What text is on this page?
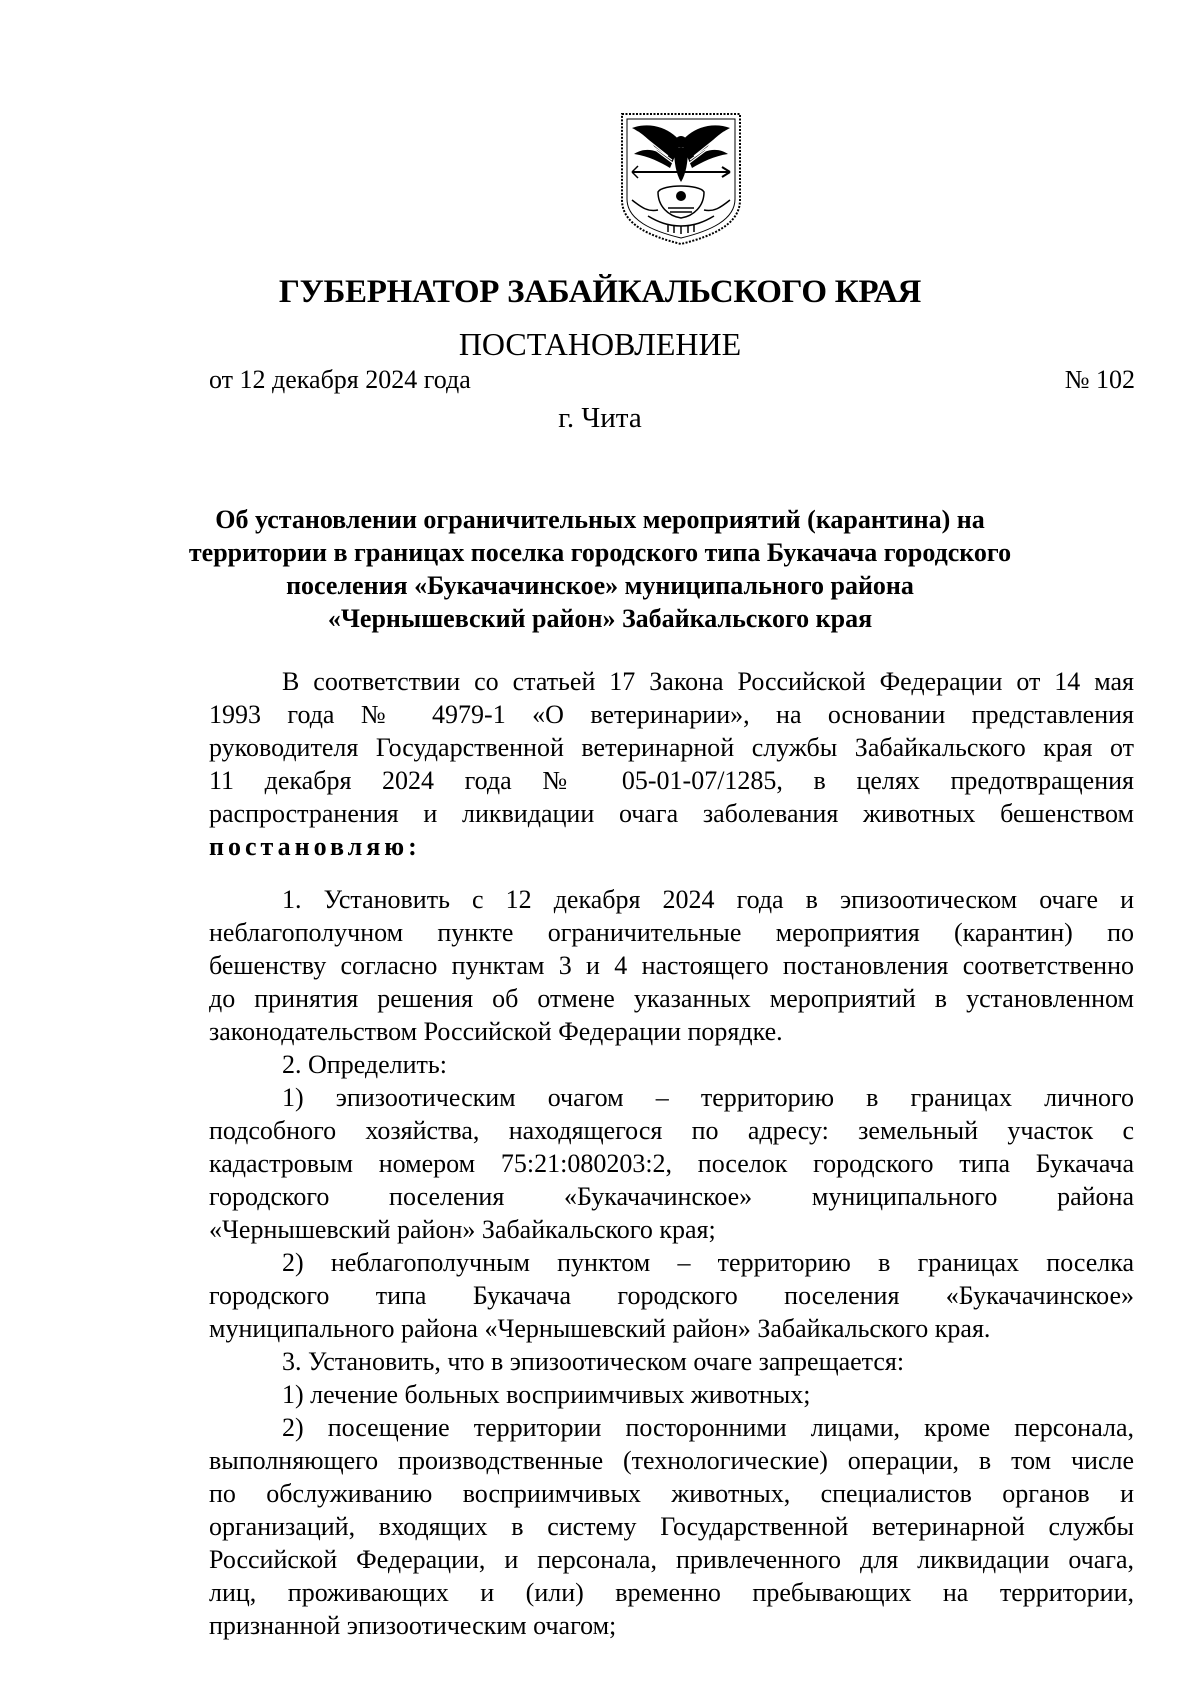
ГУБЕРНАТОР ЗАБАЙКАЛЬСКОГО КРАЯ
ПОСТАНОВЛЕНИЕ
от 12 декабря 2024 года	№ 102
г. Чита
Об установлении ограничительных мероприятий (карантина) на
территории в границах поселка городского типа Букачача городского
поселения «Букачачинское» муниципального района
«Чернышевский район» Забайкальского края
В соответствии со статьей 17 Закона Российской Федерации от 14 мая
1993 года № 4979-1 «О ветеринарии», на основании представления
руководителя Государственной ветеринарной службы Забайкальского края от
11 декабря 2024 года № 05-01-07/1285, в целях предотвращения
распространения и ликвидации очага заболевания животных бешенством
постановляю:
1. Установить с 12 декабря 2024 года в эпизоотическом очаге и
неблагополучном пункте ограничительные мероприятия (карантин) по
бешенству согласно пунктам 3 и 4 настоящего постановления соответственно
до принятия решения об отмене указанных мероприятий в установленном
законодательством Российской Федерации порядке.
2. Определить:
1) эпизоотическим очагом – территорию в границах личного
подсобного хозяйства, находящегося по адресу: земельный участок с
кадастровым номером 75:21:080203:2, поселок городского типа Букачача
городского поселения «Букачачинское» муниципального района
«Чернышевский район» Забайкальского края;
2) неблагополучным пунктом – территорию в границах поселка
городского типа Букачача городского поселения «Букачачинское»
муниципального района «Чернышевский район» Забайкальского края.
3. Установить, что в эпизоотическом очаге запрещается:
1) лечение больных восприимчивых животных;
2) посещение территории посторонними лицами, кроме персонала,
выполняющего производственные (технологические) операции, в том числе
по обслуживанию восприимчивых животных, специалистов органов и
организаций, входящих в систему Государственной ветеринарной службы
Российской Федерации, и персонала, привлеченного для ликвидации очага,
лиц, проживающих и (или) временно пребывающих на территории,
признанной эпизоотическим очагом;
